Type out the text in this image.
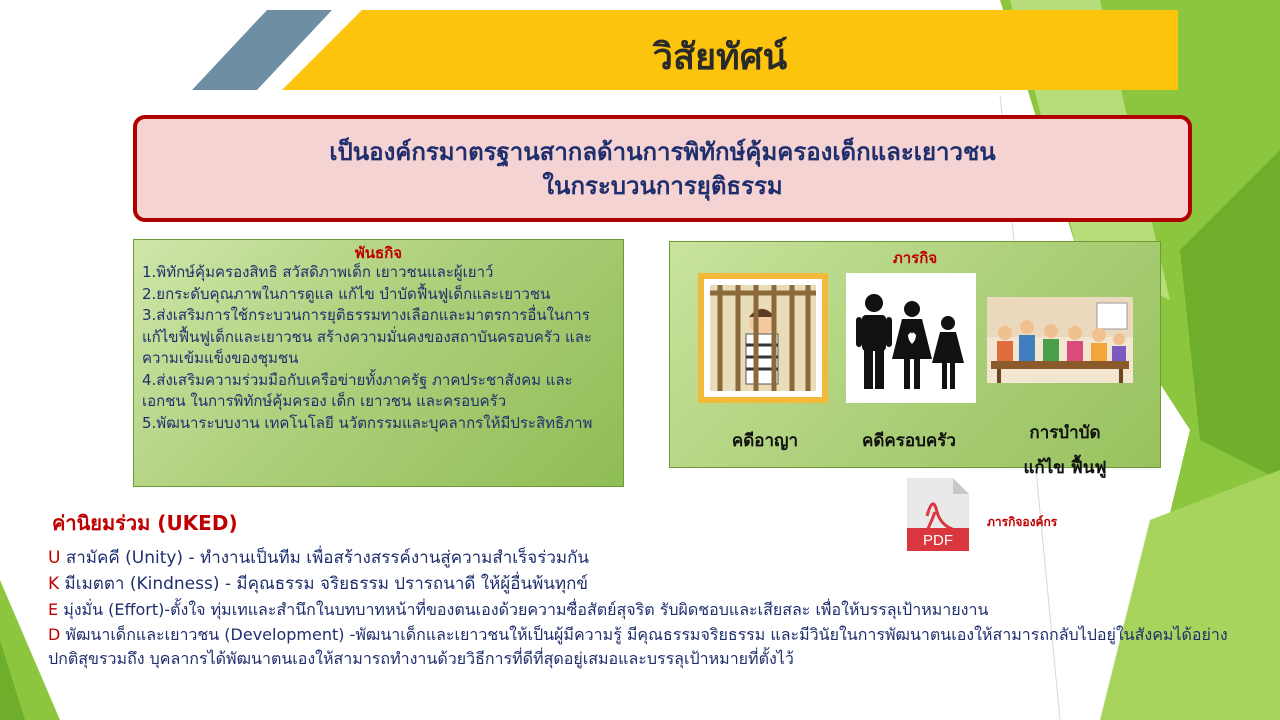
วิสัยทัศน์
เป็นองค์กรมาตรฐานสากลด้านการพิทักษ์คุ้มครองเด็กและเยาวชน
ในกระบวนการยุติธรรม
พันธกิจ
1.พิทักษ์คุ้มครองสิทธิ สวัสดิภาพเด็ก เยาวชนและผู้เยาว์
2.ยกระดับคุณภาพในการดูแล แก้ไข บำบัดฟื้นฟูเด็กและเยาวชน
3.ส่งเสริมการใช้กระบวนการยุติธรรมทางเลือกและมาตรการอื่นในการแก้ไขฟื้นฟูเด็กและเยาวชน สร้างความมั่นคงของสถาบันครอบครัว และความเข้มแข็งของชุมชน
4.ส่งเสริมความร่วมมือกับเครือข่ายทั้งภาครัฐ ภาคประชาสังคม และเอกชน ในการพิทักษ์คุ้มครอง เด็ก เยาวชน และครอบครัว
5.พัฒนาระบบงาน เทคโนโลยี นวัตกรรมและบุคลากรให้มีประสิทธิภาพ
ภารกิจ
คดีอาญา	คดีครอบครัว	การบำบัด
แก้ไข ฟื้นฟู
PDF
ภารกิจองค์กร
ค่านิยมร่วม (UKED)
U สามัคคี (Unity) - ทำงานเป็นทีม เพื่อสร้างสรรค์งานสู่ความสำเร็จร่วมกัน
K มีเมตตา (Kindness) - มีคุณธรรม จริยธรรม ปรารถนาดี ให้ผู้อื่นพ้นทุกข์
E มุ่งมั่น (Effort)-ตั้งใจ ทุ่มเทและสำนึกในบทบาทหน้าที่ของตนเองด้วยความซื่อสัตย์สุจริต รับผิดชอบและเสียสละ เพื่อให้บรรลุเป้าหมายงาน
D พัฒนาเด็กและเยาวชน (Development) -พัฒนาเด็กและเยาวชนให้เป็นผู้มีความรู้ มีคุณธรรมจริยธรรม และมีวินัยในการพัฒนาตนเองให้สามารถกลับไปอยู่ในสังคมได้อย่างปกติสุขรวมถึง บุคลากรได้พัฒนาตนเองให้สามารถทำงานด้วยวิธีการที่ดีที่สุดอยู่เสมอและบรรลุเป้าหมายที่ตั้งไว้
